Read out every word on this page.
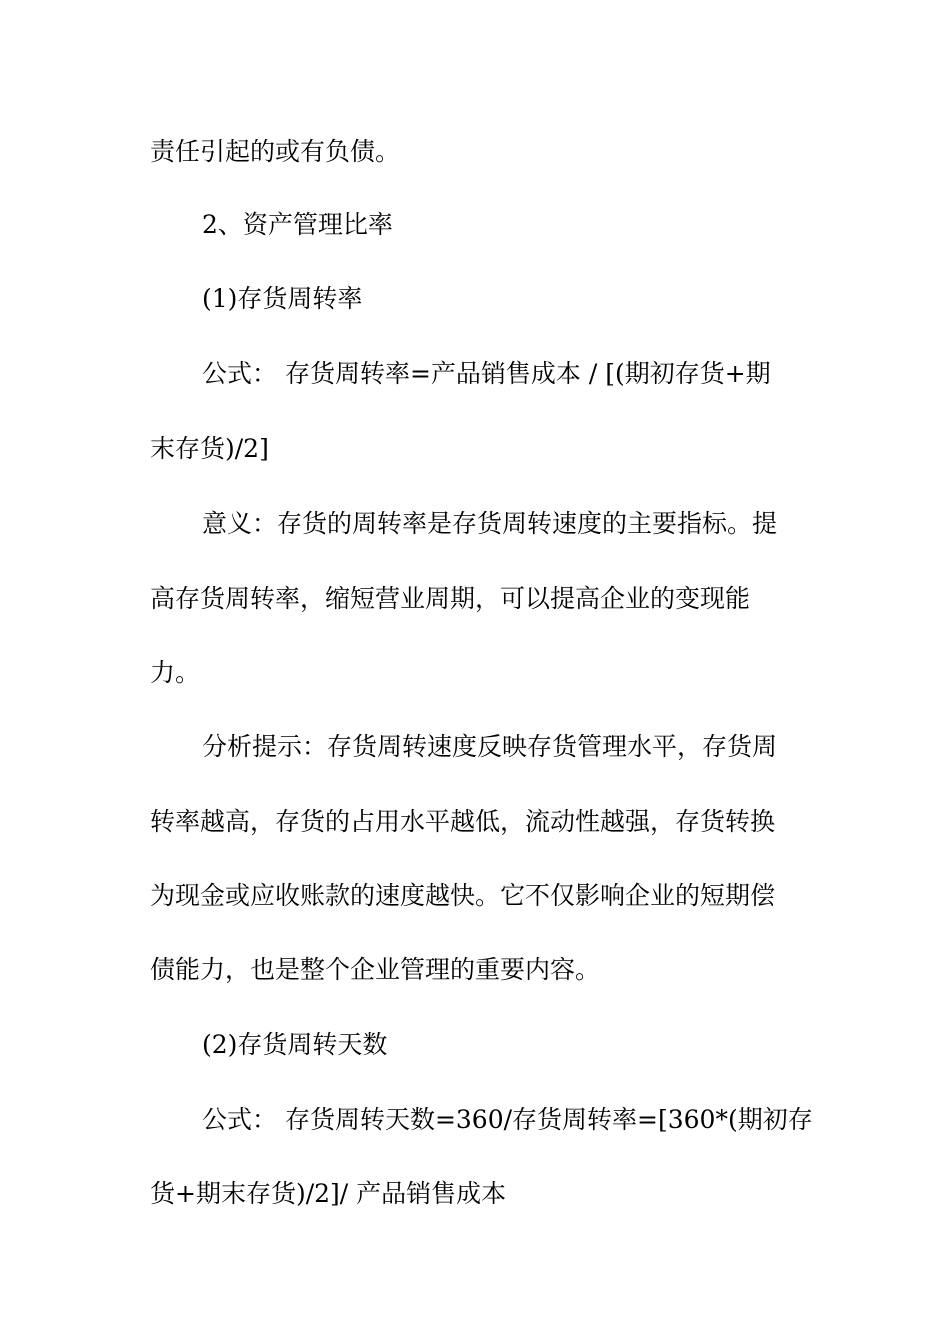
责任引起的或有负债。
2、资产管理比率
(1)存货周转率
公式： 存货周转率=产品销售成本 / [(期初存货+期
末存货)/2]
意义：存货的周转率是存货周转速度的主要指标。提
高存货周转率，缩短营业周期，可以提高企业的变现能
力。
分析提示：存货周转速度反映存货管理水平，存货周
转率越高，存货的占用水平越低，流动性越强，存货转换
为现金或应收账款的速度越快。它不仅影响企业的短期偿
债能力，也是整个企业管理的重要内容。
(2)存货周转天数
公式： 存货周转天数=360/存货周转率=[360*(期初存
货+期末存货)/2]/ 产品销售成本
